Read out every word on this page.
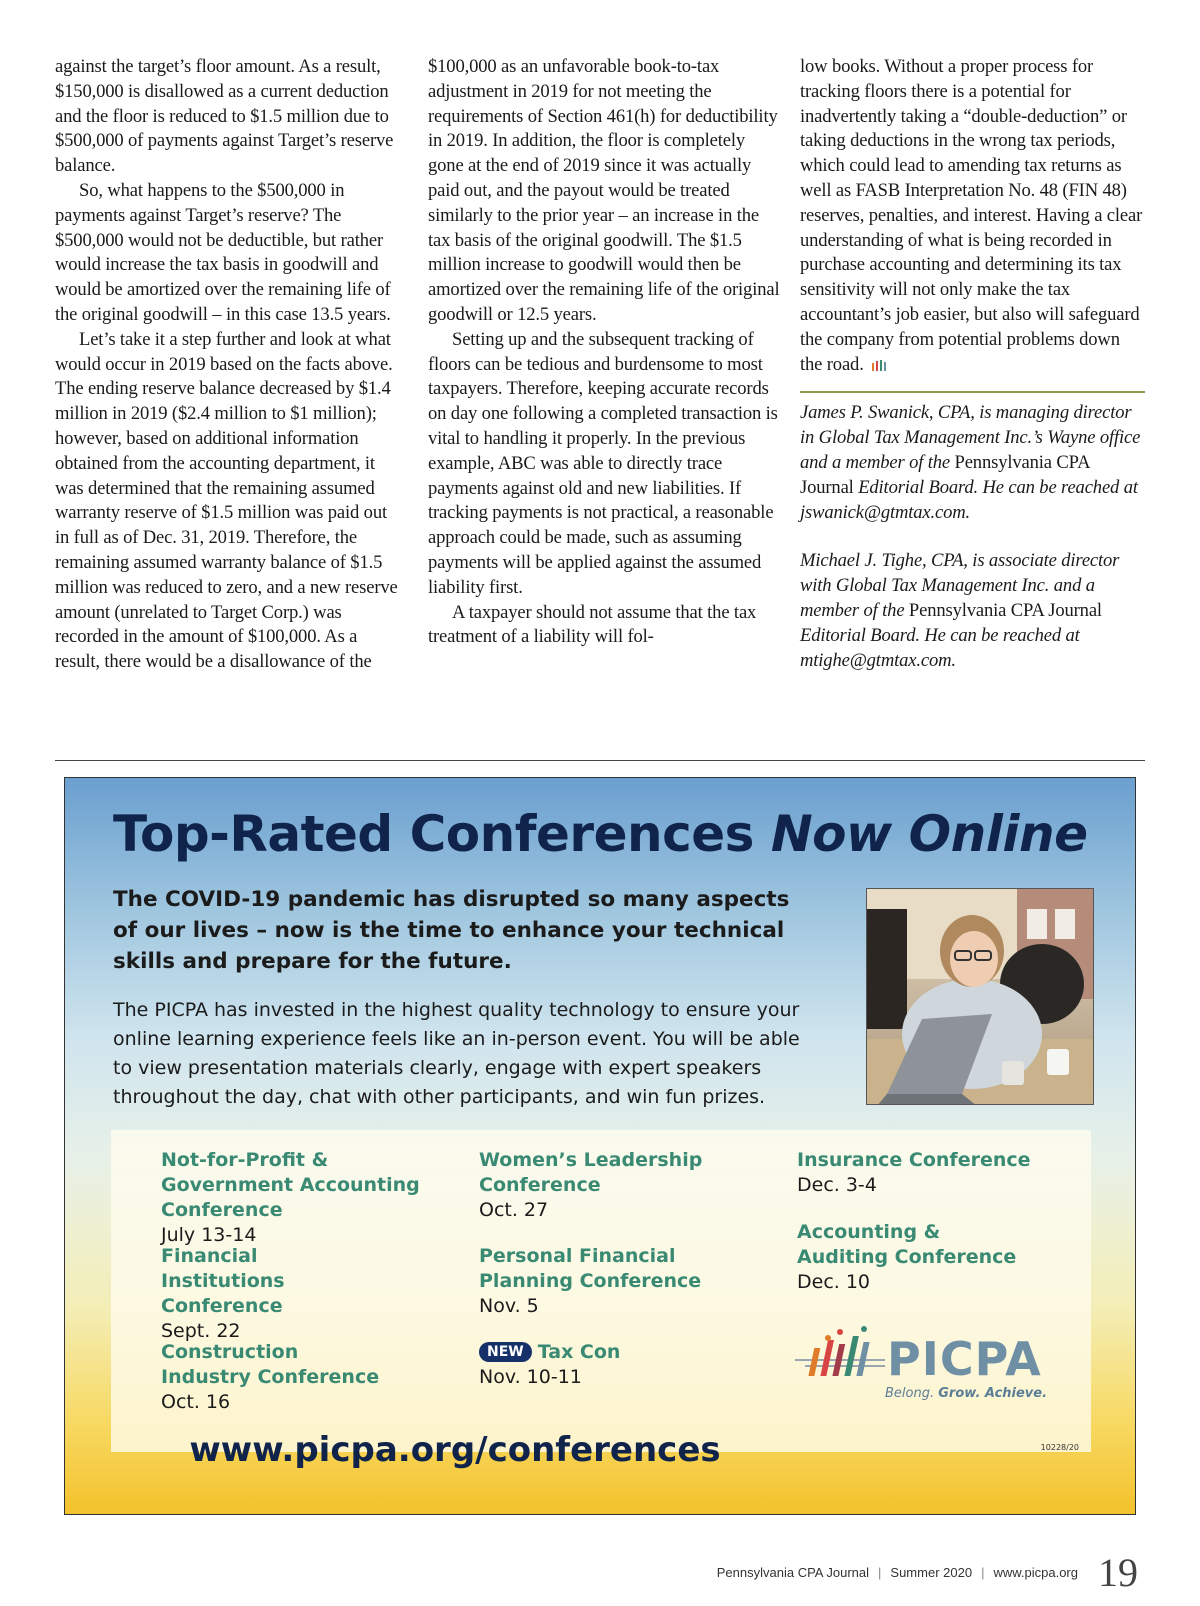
against the target’s floor amount. As a result, $150,000 is disallowed as a current deduction and the floor is reduced to $1.5 million due to $500,000 of payments against Target’s reserve balance.

So, what happens to the $500,000 in payments against Target’s reserve? The $500,000 would not be deductible, but rather would increase the tax basis in goodwill and would be amortized over the remaining life of the original goodwill – in this case 13.5 years.

Let’s take it a step further and look at what would occur in 2019 based on the facts above. The ending reserve balance decreased by $1.4 million in 2019 ($2.4 million to $1 million); however, based on additional information obtained from the accounting department, it was determined that the remaining assumed warranty reserve of $1.5 million was paid out in full as of Dec. 31, 2019. Therefore, the remaining assumed warranty balance of $1.5 million was reduced to zero, and a new reserve amount (unrelated to Target Corp.) was recorded in the amount of $100,000. As a result, there would be a disallowance of the

$100,000 as an unfavorable book-to-tax adjustment in 2019 for not meeting the requirements of Section 461(h) for deductibility in 2019. In addition, the floor is completely gone at the end of 2019 since it was actually paid out, and the payout would be treated similarly to the prior year – an increase in the tax basis of the original goodwill. The $1.5 million increase to goodwill would then be amortized over the remaining life of the original goodwill or 12.5 years.

Setting up and the subsequent tracking of floors can be tedious and burdensome to most taxpayers. Therefore, keeping accurate records on day one following a completed transaction is vital to handling it properly. In the previous example, ABC was able to directly trace payments against old and new liabilities. If tracking payments is not practical, a reasonable approach could be made, such as assuming payments will be applied against the assumed liability first.

A taxpayer should not assume that the tax treatment of a liability will fol-

low books. Without a proper process for tracking floors there is a potential for inadvertently taking a “double-deduction” or taking deductions in the wrong tax periods, which could lead to amending tax returns as well as FASB Interpretation No. 48 (FIN 48) reserves, penalties, and interest. Having a clear understanding of what is being recorded in purchase accounting and determining its tax sensitivity will not only make the tax accountant’s job easier, but also will safeguard the company from potential problems down the road.

James P. Swanick, CPA, is managing director in Global Tax Management Inc.’s Wayne office and a member of the Pennsylvania CPA Journal Editorial Board. He can be reached at jswanick@gtmtax.com.

Michael J. Tighe, CPA, is associate director with Global Tax Management Inc. and a member of the Pennsylvania CPA Journal Editorial Board. He can be reached at mtighe@gtmtax.com.

Top-Rated Conferences Now Online

The COVID-19 pandemic has disrupted so many aspects of our lives – now is the time to enhance your technical skills and prepare for the future.

The PICPA has invested in the highest quality technology to ensure your online learning experience feels like an in-person event. You will be able to view presentation materials clearly, engage with expert speakers throughout the day, chat with other participants, and win fun prizes.

Not-for-Profit & Government Accounting Conference
July 13-14
Financial Institutions Conference
Sept. 22
Construction Industry Conference
Oct. 16
Women’s Leadership Conference
Oct. 27
Personal Financial Planning Conference
Nov. 5
NEW Tax Con
Nov. 10-11
Insurance Conference
Dec. 3-4
Accounting & Auditing Conference
Dec. 10
PICPA
Belong. Grow. Achieve.

www.picpa.org/conferences	10228/20
Pennsylvania CPA Journal | Summer 2020 | www.picpa.org 19
